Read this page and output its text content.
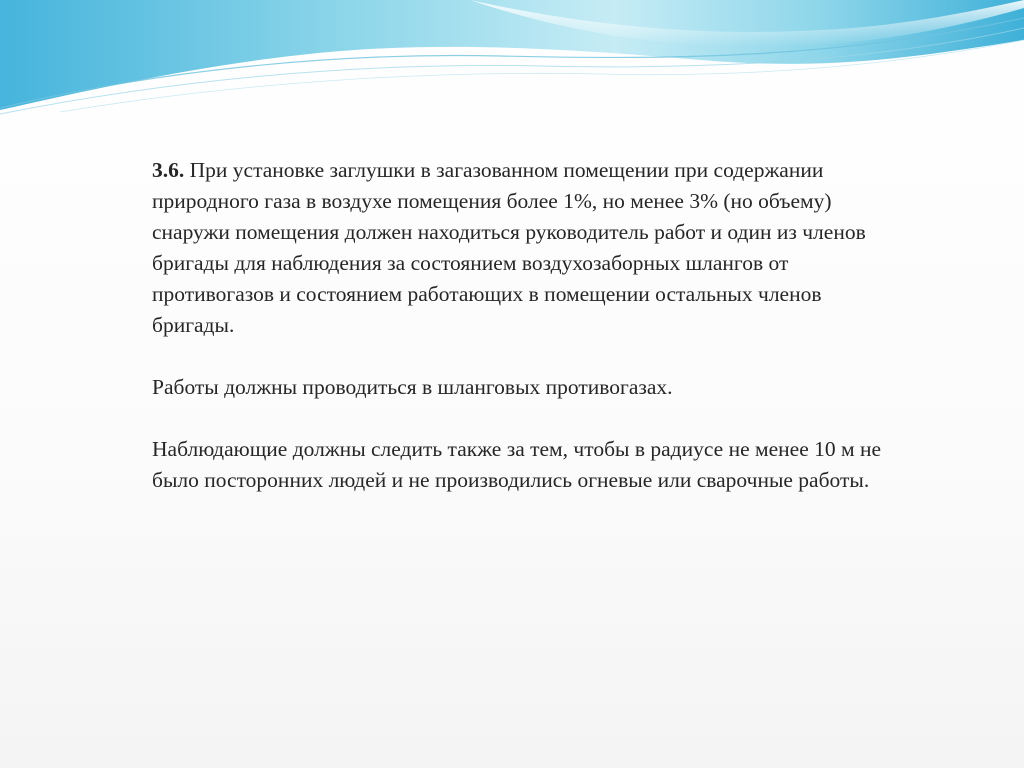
3.6. При установке заглушки в загазованном помещении при содержании природного газа в воздухе помещения более 1%, но менее 3% (но объему) снаружи помещения должен находиться руководитель работ и один из членов бригады для наблюдения за состоянием воздухозаборных шлангов от противогазов и состоянием работающих в помещении остальных членов бригады.

Работы должны проводиться в шланговых противогазах.

Наблюдающие должны следить также за тем, чтобы в радиусе не менее 10 м не было посторонних людей и не производились огневые или сварочные работы.
